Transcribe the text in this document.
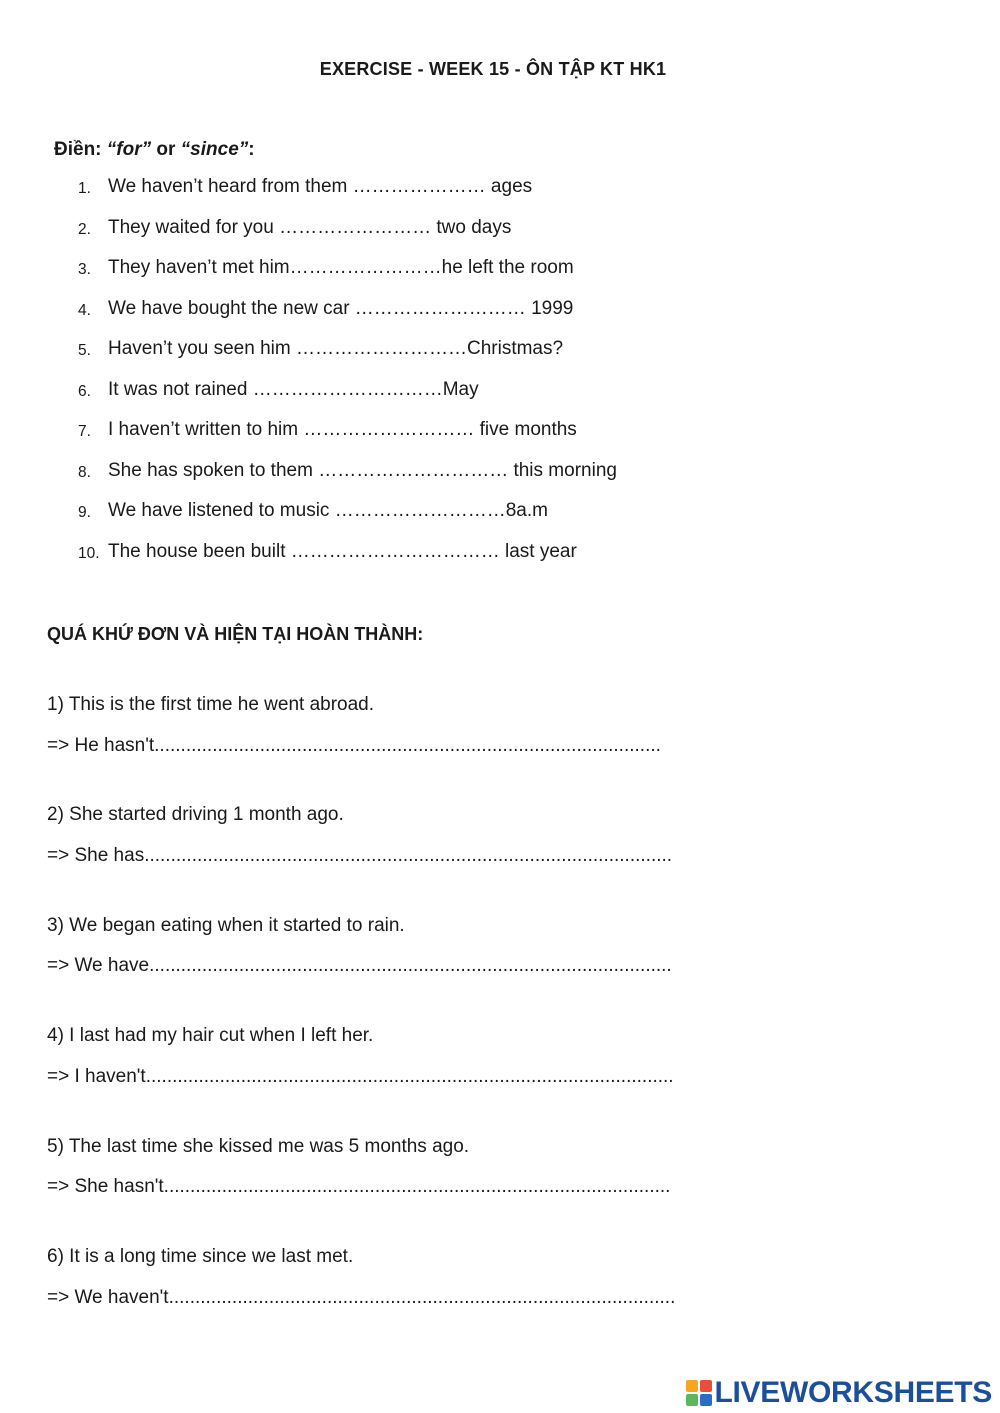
EXERCISE - WEEK 15 - ÔN TẬP KT HK1
Điền: “for” or “since”:
1. We haven’t heard from them ………………… ages
2. They waited for you …………………… two days
3. They haven’t met him……………………he left the room
4. We have bought the new car ……………………… 1999
5. Haven’t you seen him ………………………Christmas?
6. It was not rained …………………………May
7. I haven’t written to him ……………………… five months
8. She has spoken to them ………………………… this morning
9. We have listened to music ………………………8a.m
10. The house been built …………………………… last year
QUÁ KHỨ ĐƠN VÀ HIỆN TẠI HOÀN THÀNH:
1) This is the first time he went abroad.
=> He hasn't................................................................................................
2) She started driving 1 month ago.
=> She has....................................................................................................
3) We began eating when it started to rain.
=> We have...................................................................................................
4) I last had my hair cut when I left her.
=> I haven't....................................................................................................
5) The last time she kissed me was 5 months ago.
=> She hasn't................................................................................................
6) It is a long time since we last met.
=> We haven't................................................................................................
LIVEWORKSHEETS
